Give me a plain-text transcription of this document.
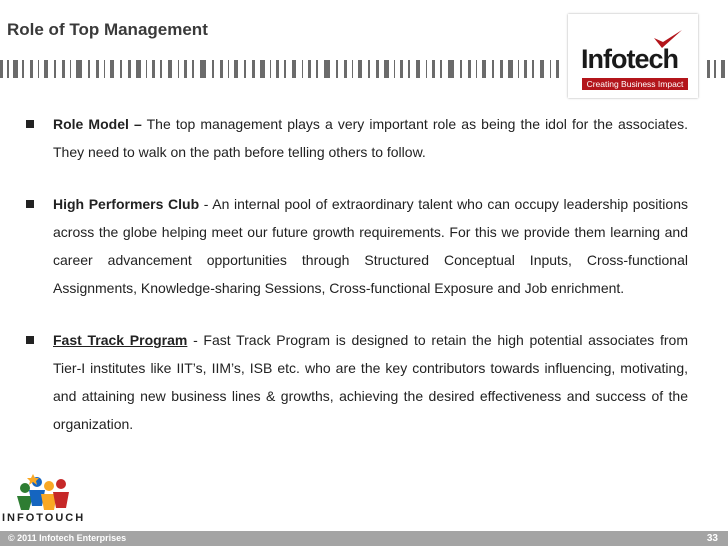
Role of Top Management
Infotech
Creating Business Impact
Role Model – The top management plays a very important role as being the idol for the associates. They need to walk on the path before telling others to follow.
High Performers Club - An internal pool of extraordinary talent who can occupy leadership positions across the globe helping meet our future growth requirements. For this we provide them learning and career advancement opportunities through Structured Conceptual Inputs, Cross-functional Assignments, Knowledge-sharing Sessions, Cross-functional Exposure and Job enrichment.
Fast Track Program - Fast Track Program is designed to retain the high potential associates from Tier-I institutes like IIT’s, IIM’s, ISB etc. who are the key contributors towards influencing, motivating, and attaining new business lines & growths, achieving the desired effectiveness and success of the organization.
INFOTOUCH
© 2011 Infotech Enterprises	33
